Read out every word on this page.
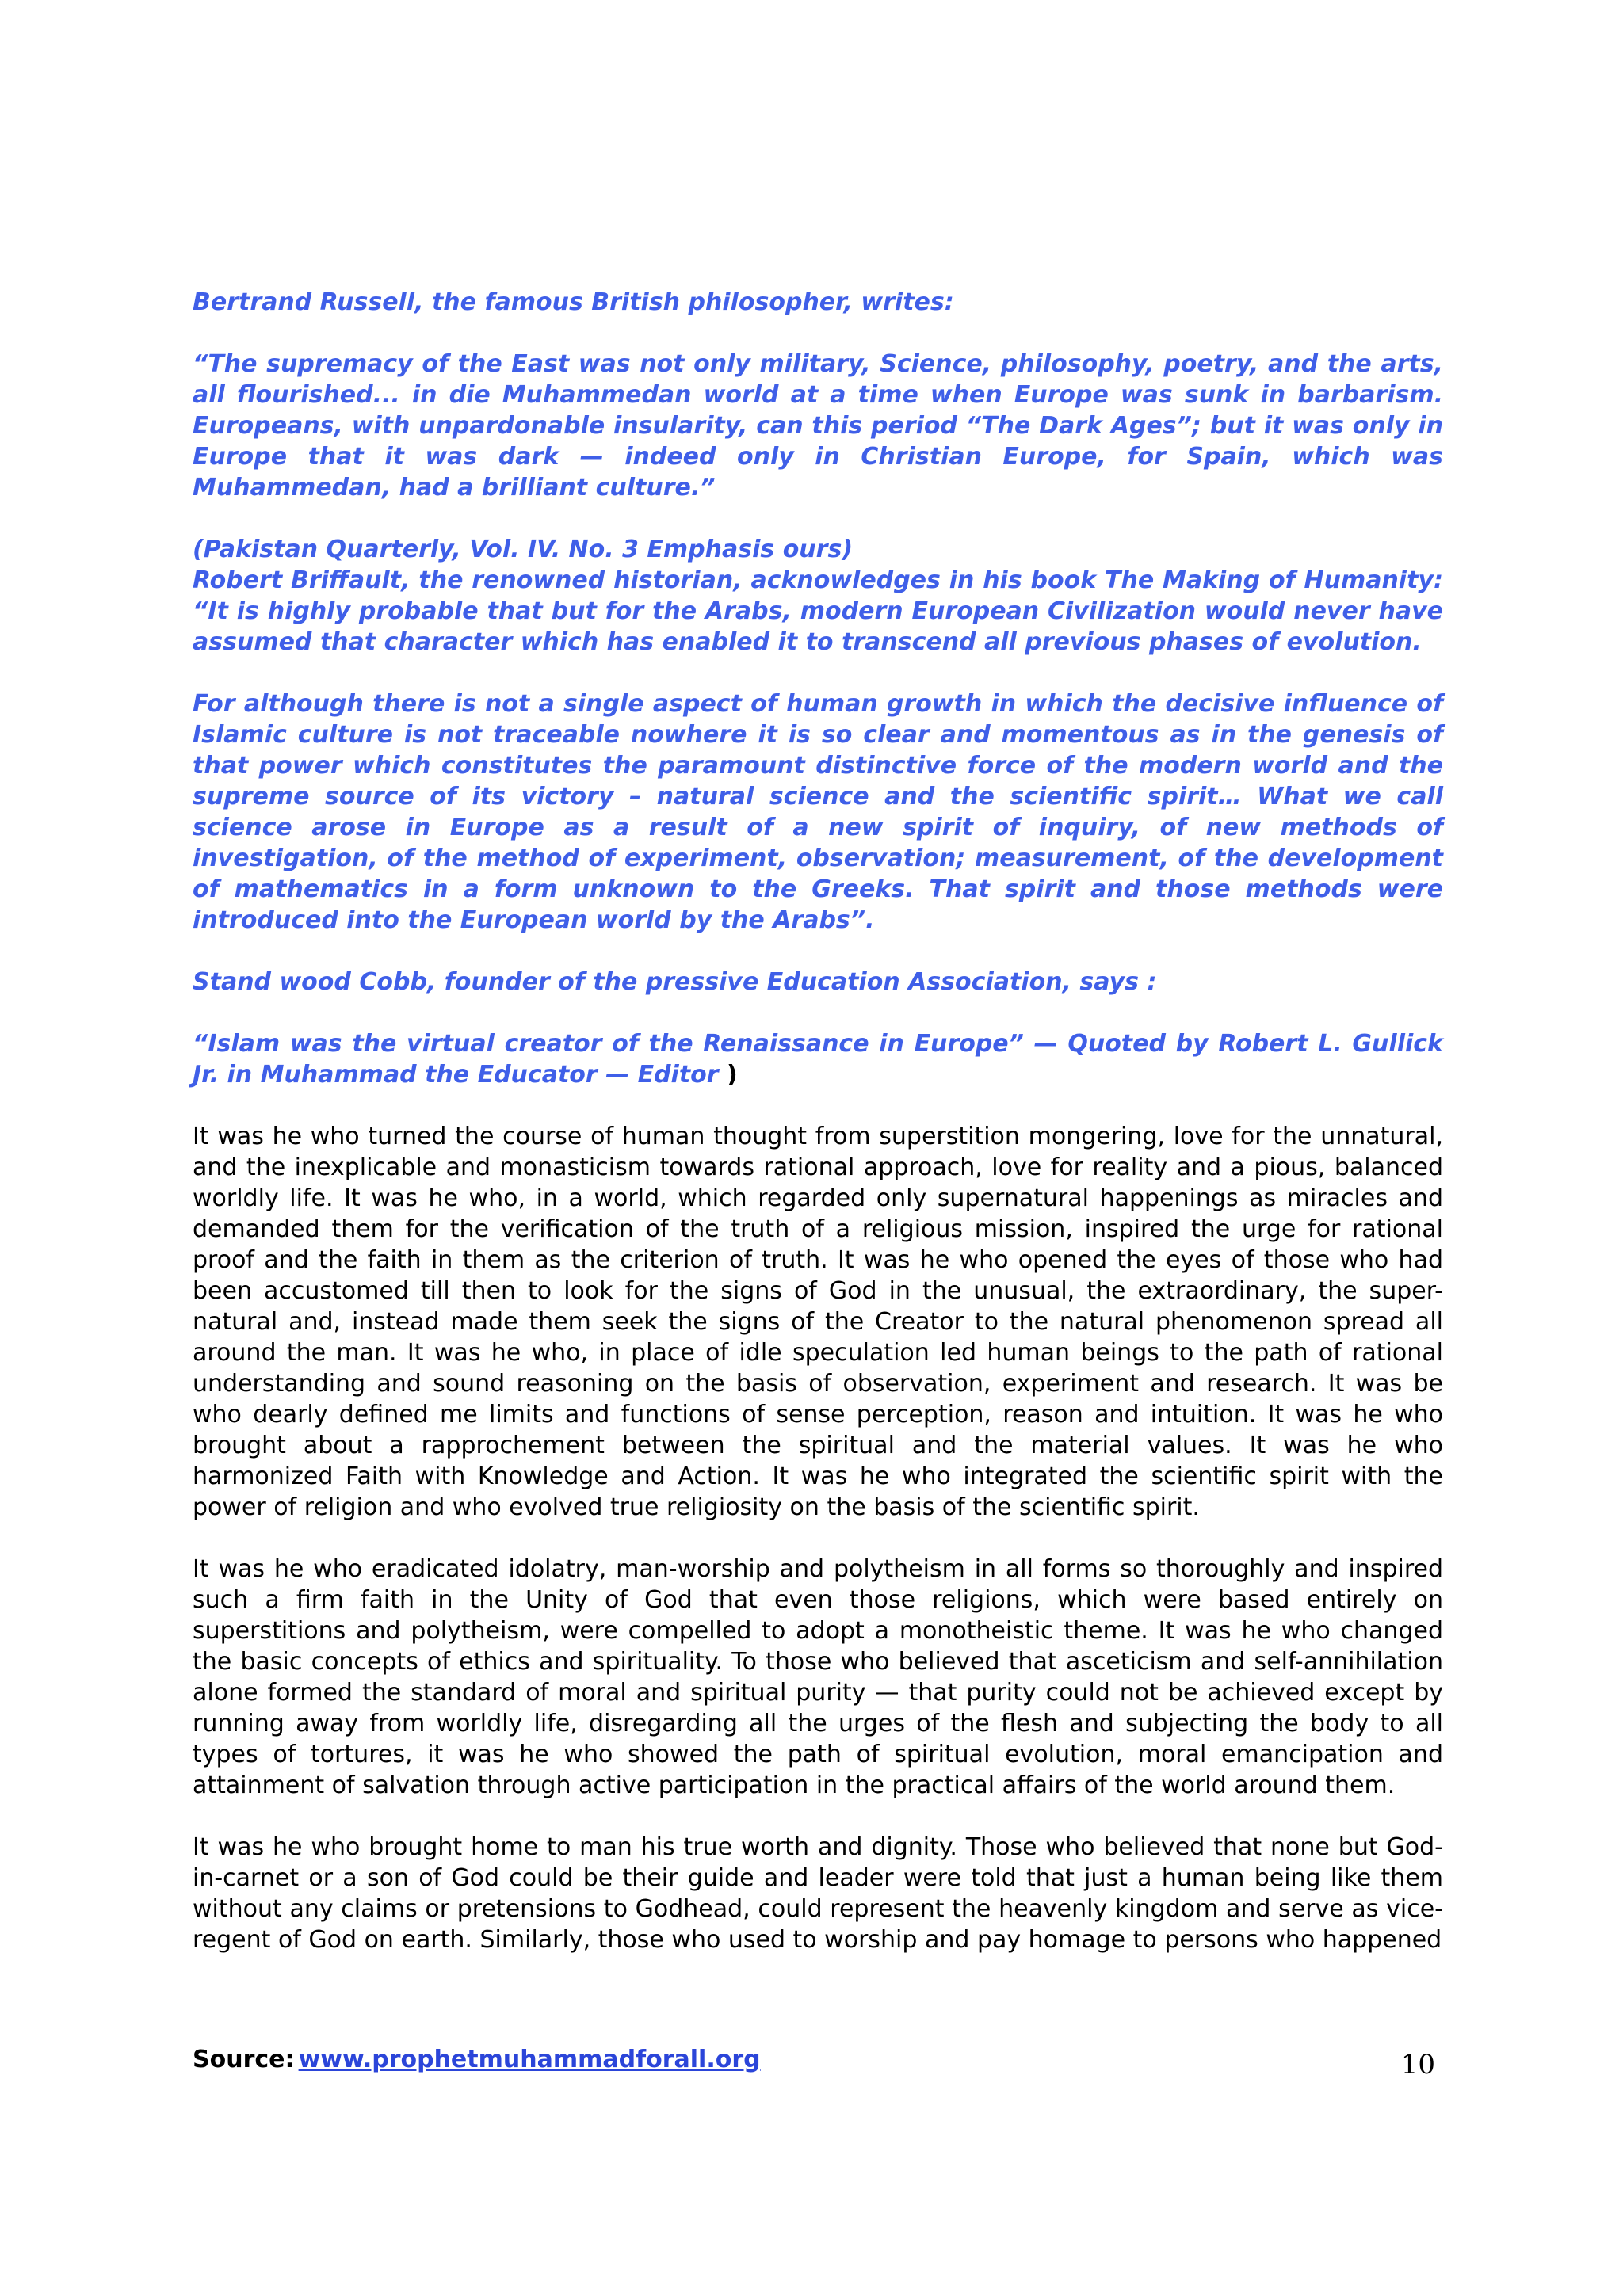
Bertrand Russell, the famous British philosopher, writes:

“The supremacy of the East was not only military, Science, philosophy, poetry, and the arts, all flourished... in die Muhammedan world at a time when Europe was sunk in barbarism. Europeans, with unpardonable insularity, can this period “The Dark Ages”; but it was only in Europe that it was dark — indeed only in Christian Europe, for Spain, which was Muhammedan, had a brilliant culture.”

(Pakistan Quarterly, Vol. IV. No. 3 Emphasis ours)

Robert Briffault, the renowned historian, acknowledges in his book The Making of Humanity: “It is highly probable that but for the Arabs, modern European Civilization would never have assumed that character which has enabled it to transcend all previous phases of evolution.

For although there is not a single aspect of human growth in which the decisive influence of Islamic culture is not traceable nowhere it is so clear and momentous as in the genesis of that power which constitutes the paramount distinctive force of the modern world and the supreme source of its victory – natural science and the scientific spirit… What we call science arose in Europe as a result of a new spirit of inquiry, of new methods of investigation, of the method of experiment, observation; measurement, of the development of mathematics in a form unknown to the Greeks. That spirit and those methods were introduced into the European world by the Arabs”.

Stand wood Cobb, founder of the pressive Education Association, says :

“Islam was the virtual creator of the Renaissance in Europe” — Quoted by Robert L. Gullick Jr. in Muhammad the Educator — Editor )

It was he who turned the course of human thought from superstition mongering, love for the unnatural, and the inexplicable and monasticism towards rational approach, love for reality and a pious, balanced worldly life. It was he who, in a world, which regarded only supernatural happenings as miracles and demanded them for the verification of the truth of a religious mission, inspired the urge for rational proof and the faith in them as the criterion of truth. It was he who opened the eyes of those who had been accustomed till then to look for the signs of God in the unusual, the extraordinary, the super-natural and, instead made them seek the signs of the Creator to the natural phenomenon spread all around the man. It was he who, in place of idle speculation led human beings to the path of rational understanding and sound reasoning on the basis of observation, experiment and research. It was be who dearly defined me limits and functions of sense perception, reason and intuition. It was he who brought about a rapprochement between the spiritual and the material values. It was he who harmonized Faith with Knowledge and Action. It was he who integrated the scientific spirit with the power of religion and who evolved true religiosity on the basis of the scientific spirit.

It was he who eradicated idolatry, man-worship and polytheism in all forms so thoroughly and inspired such a firm faith in the Unity of God that even those religions, which were based entirely on superstitions and polytheism, were compelled to adopt a monotheistic theme. It was he who changed the basic concepts of ethics and spirituality. To those who believed that asceticism and self-annihilation alone formed the standard of moral and spiritual purity — that purity could not be achieved except by running away from worldly life, disregarding all the urges of the flesh and subjecting the body to all types of tortures, it was he who showed the path of spiritual evolution, moral emancipation and attainment of salvation through active participation in the practical affairs of the world around them.

It was he who brought home to man his true worth and dignity. Those who believed that none but God-in-carnet or a son of God could be their guide and leader were told that just a human being like them without any claims or pretensions to Godhead, could represent the heavenly kingdom and serve as vice-regent of God on earth. Similarly, those who used to worship and pay homage to persons who happened

Source: www.prophetmuhammadforall.org	10
